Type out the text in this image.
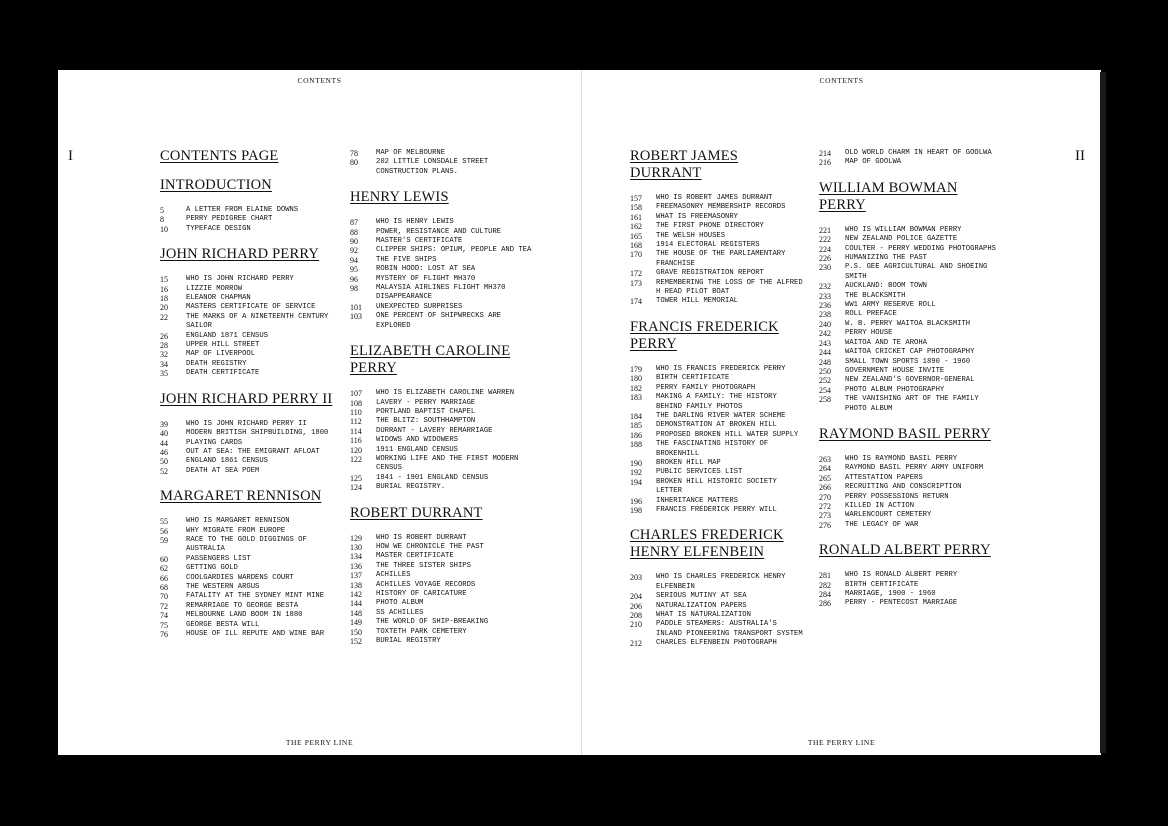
CONTENTS
I	CONTENTS PAGE
INTRODUCTION
5	A LETTER FROM ELAINE DOWNS
8	PERRY PEDIGREE CHART
10	TYPEFACE DESIGN
JOHN RICHARD PERRY
15	WHO IS JOHN RICHARD PERRY
16	LIZZIE MORROW
18	ELEANOR CHAPMAN
20	MASTERS CERTIFICATE OF SERVICE
22	THE MARKS OF A NINETEENTH CENTURY SAILOR
26	ENGLAND 1871 CENSUS
28	UPPER HILL STREET
32	MAP OF LIVERPOOL
34	DEATH REGISTRY
35	DEATH CERTIFICATE
JOHN RICHARD PERRY II
39	WHO IS JOHN RICHARD PERRY II
40	MODERN BRITISH SHIPBUILDING, 1800
44	PLAYING CARDS
46	OUT AT SEA: THE EMIGRANT AFLOAT
50	ENGLAND 1861 CENSUS
52	DEATH AT SEA POEM
MARGARET RENNISON
55	WHO IS MARGARET RENNISON
56	WHY MIGRATE FROM EUROPE
59	RACE TO THE GOLD DIGGINGS OF AUSTRALIA
60	PASSENGERS LIST
62	GETTING GOLD
66	COOLGARDIES WARDENS COURT
68	THE WESTERN ARGUS
70	FATALITY AT THE SYDNEY MINT MINE
72	REMARRIAGE TO GEORGE BESTA
74	MELBOURNE LAND BOOM IN 1880
75	GEORGE BESTA WILL
76	HOUSE OF ILL REPUTE AND WINE BAR
78	MAP OF MELBOURNE
80	202 LITTLE LONSDALE STREET CONSTRUCTION PLANS.
HENRY LEWIS
87	WHO IS HENRY LEWIS
88	POWER, RESISTANCE AND CULTURE
90	MASTER'S CERTIFICATE
92	CLIPPER SHIPS: OPIUM, PEOPLE AND TEA
94	THE FIVE SHIPS
95	ROBIN HOOD: LOST AT SEA
96	MYSTERY OF FLIGHT MH370
98	MALAYSIA AIRLINES FLIGHT MH370 DISAPPEARANCE
101	UNEXPECTED SURPRISES
103	ONE PERCENT OF SHIPWRECKS ARE EXPLORED
ELIZABETH CAROLINE PERRY
107	WHO IS ELIZABETH CAROLINE WARREN
108	LAVERY - PERRY MARRIAGE
110	PORTLAND BAPTIST CHAPEL
112	THE BLITZ: SOUTHHAMPTON
114	DURRANT - LAVERY REMARRIAGE
116	WIDOWS AND WIDOWERS
120	1911 ENGLAND CENSUS
122	WORKING LIFE AND THE FIRST MODERN CENSUS
125	1841 - 1901 ENGLAND CENSUS
124	BURIAL REGISTRY.
ROBERT DURRANT
129	WHO IS ROBERT DURRANT
130	HOW WE CHRONICLE THE PAST
134	MASTER CERTIFICATE
136	THE THREE SISTER SHIPS
137	ACHILLES
138	ACHILLES VOYAGE RECORDS
142	HISTORY OF CARICATURE
144	PHOTO ALBUM
148	SS ACHILLES
149	THE WORLD OF SHIP-BREAKING
150	TOXTETH PARK CEMETERY
152	BURIAL REGISTRY
THE PERRY LINE
CONTENTS
II
ROBERT JAMES DURRANT
157	WHO IS ROBERT JAMES DURRANT
158	FREEMASONRY MEMBERSHIP RECORDS
161	WHAT IS FREEMASONRY
162	THE FIRST PHONE DIRECTORY
165	THE WELSH HOUSES
168	1914 ELECTORAL REGISTERS
170	THE HOUSE OF THE PARLIAMENTARY FRANCHISE
172	GRAVE REGISTRATION REPORT
173	REMEMBERING THE LOSS OF THE ALFRED H READ PILOT BOAT
174	TOWER HILL MEMORIAL
FRANCIS FREDERICK PERRY
179	WHO IS FRANCIS FREDERICK PERRY
180	BIRTH CERTIFICATE
182	PERRY FAMILY PHOTOGRAPH
183	MAKING A FAMILY: THE HISTORY BEHIND FAMILY PHOTOS
184	THE DARLING RIVER WATER SCHEME
185	DEMONSTRATION AT BROKEN HILL
186	PROPOSED BROKEN HILL WATER SUPPLY
188	THE FASCINATING HISTORY OF BROKENHILL
190	BROKEN HILL MAP
192	PUBLIC SERVICES LIST
194	BROKEN HILL HISTORIC SOCIETY LETTER
196	INHERITANCE MATTERS
198	FRANCIS FREDERICK PERRY WILL
CHARLES FREDERICK HENRY ELFENBEIN
203	WHO IS CHARLES FREDERICK HENRY ELFENBEIN
204	SERIOUS MUTINY AT SEA
206	NATURALIZATION PAPERS
208	WHAT IS NATURALIZATION
210	PADDLE STEAMERS: AUSTRALIA'S INLAND PIONEERING TRANSPORT SYSTEM
212	CHARLES ELFENBEIN PHOTOGRAPH
214	OLD WORLD CHARM IN HEART OF GOOLWA
216	MAP OF GOOLWA
WILLIAM BOWMAN PERRY
221	WHO IS WILLIAM BOWMAN PERRY
222	NEW ZEALAND POLICE GAZETTE
224	COULTER - PERRY WEDDING PHOTOGRAPHS
226	HUMANIZING THE PAST
230	P.S. GEE AGRICULTURAL AND SHOEING SMITH
232	AUCKLAND: BOOM TOWN
233	THE BLACKSMITH
236	WW1 ARMY RESERVE ROLL
238	ROLL PREFACE
240	W. B. PERRY WAITOA BLACKSMITH
242	PERRY HOUSE
243	WAITOA AND TE AROHA
244	WAITOA CRICKET CAP PHOTOGRAPHY
248	SMALL TOWN SPORTS 1890 - 1960
250	GOVERNMENT HOUSE INVITE
252	NEW ZEALAND'S GOVERNOR-GENERAL
254	PHOTO ALBUM PHOTOGRAPHY
258	THE VANISHING ART OF THE FAMILY PHOTO ALBUM
RAYMOND BASIL PERRY
263	WHO IS RAYMOND BASIL PERRY
264	RAYMOND BASIL PERRY ARMY UNIFORM
265	ATTESTATION PAPERS
266	RECRUITING AND CONSCRIPTION
270	PERRY POSSESSIONS RETURN
272	KILLED IN ACTION
273	WARLENCOURT CEMETERY
276	THE LEGACY OF WAR
RONALD ALBERT PERRY
281	WHO IS RONALD ALBERT PERRY
282	BIRTH CERTIFICATE
284	MARRIAGE, 1900 - 1960
286	PERRY - PENTECOST MARRIAGE
THE PERRY LINE
